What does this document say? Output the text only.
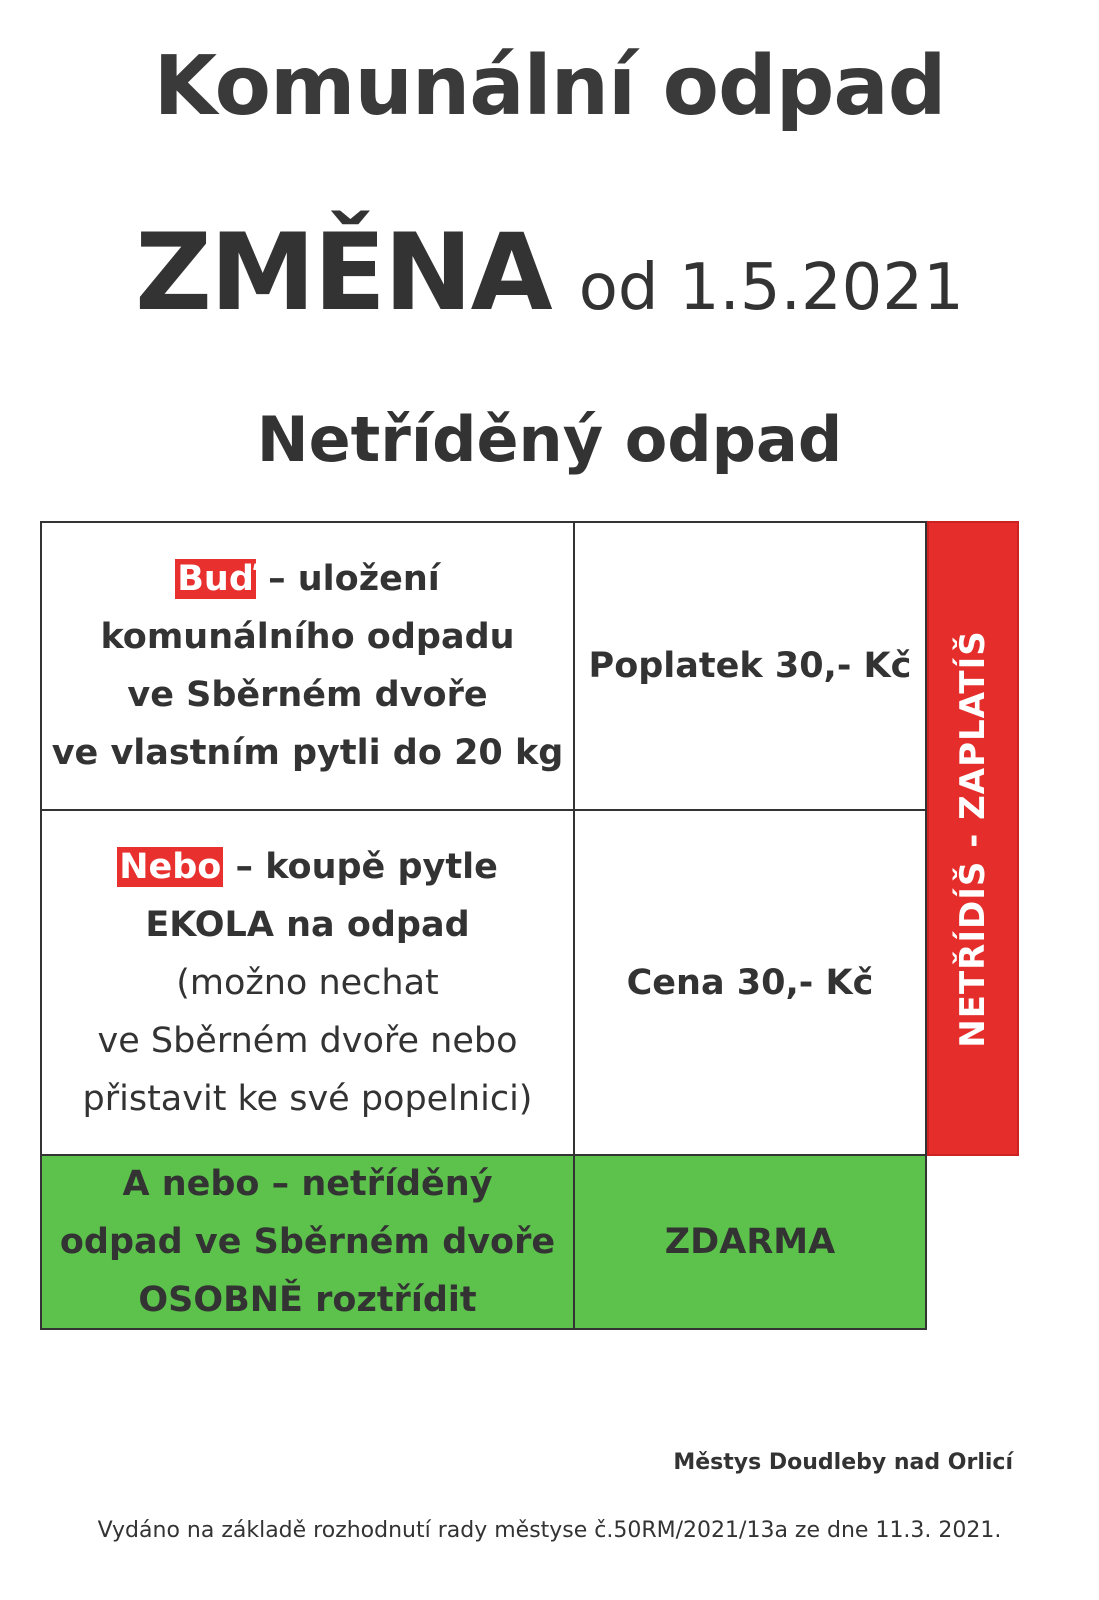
Komunální odpad
ZMĚNA od 1.5.2021
Netříděný odpad
Buď – uložení
komunálního odpadu
ve Sběrném dvoře
ve vlastním pytli do 20 kg
Poplatek 30,- Kč
Nebo – koupě pytle
EKOLA na odpad
(možno nechat
ve Sběrném dvoře nebo
přistavit ke své popelnici)
Cena 30,- Kč
A nebo – netříděný
odpad ve Sběrném dvoře
OSOBNĚ roztřídit
ZDARMA
NETŘÍDÍŠ - ZAPLATÍŠ
Městys Doudleby nad Orlicí
Vydáno na základě rozhodnutí rady městyse č.50RM/2021/13a ze dne 11.3. 2021.
